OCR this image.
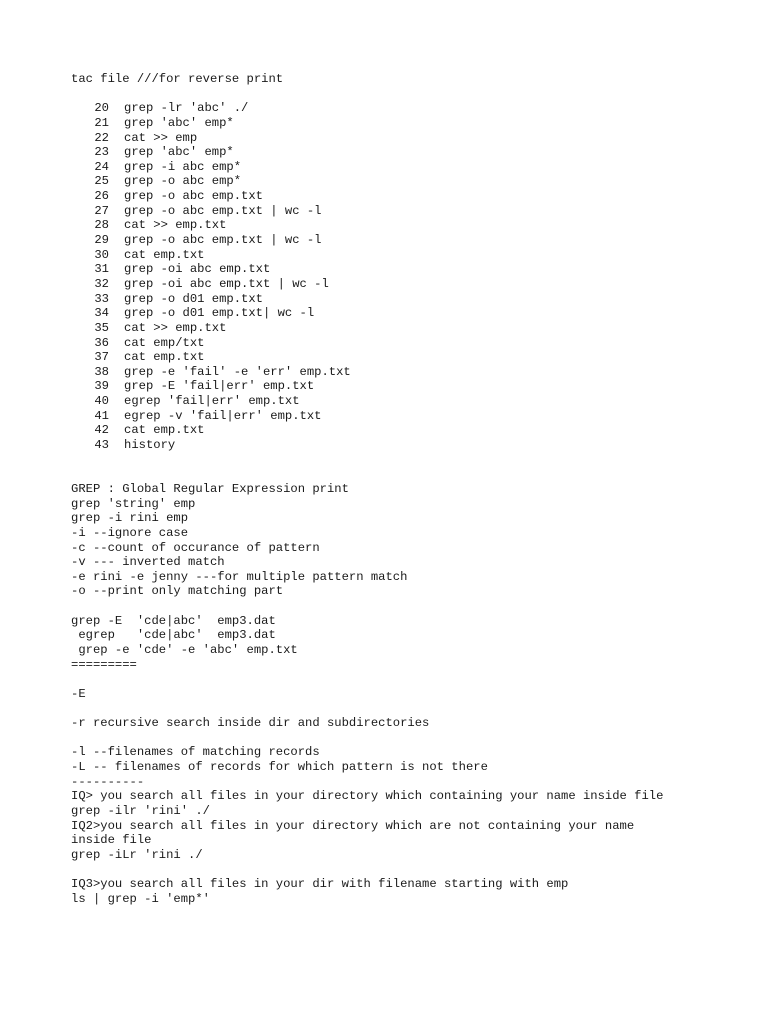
tac file ///for reverse print
20 grep -lr 'abc' ./
21 grep 'abc' emp*
22 cat >> emp
23 grep 'abc' emp*
24 grep -i abc emp*
25 grep -o abc emp*
26 grep -o abc emp.txt
27 grep -o abc emp.txt | wc -l
28 cat >> emp.txt
29 grep -o abc emp.txt | wc -l
30 cat emp.txt
31 grep -oi abc emp.txt
32 grep -oi abc emp.txt | wc -l
33 grep -o d01 emp.txt
34 grep -o d01 emp.txt| wc -l
35 cat >> emp.txt
36 cat emp/txt
37 cat emp.txt
38 grep -e 'fail' -e 'err' emp.txt
39 grep -E 'fail|err' emp.txt
40 egrep 'fail|err' emp.txt
41 egrep -v 'fail|err' emp.txt
42 cat emp.txt
43 history
GREP : Global Regular Expression print
grep 'string' emp
grep -i rini emp
-i --ignore case
-c --count of occurance of pattern
-v --- inverted match
-e rini -e jenny ---for multiple pattern match
-o --print only matching part
grep -E  'cde|abc'  emp3.dat
egrep   'cde|abc'  emp3.dat
grep -e 'cde' -e 'abc' emp.txt
=========
-E
-r recursive search inside dir and subdirectories
-l --filenames of matching records
-L -- filenames of records for which pattern is not there
----------
IQ> you search all files in your directory which containing your name inside file
grep -ilr 'rini' ./
IQ2>you search all files in your directory which are not containing your name
inside file
grep -iLr 'rini ./
IQ3>you search all files in your dir with filename starting with emp
ls | grep -i 'emp*'
